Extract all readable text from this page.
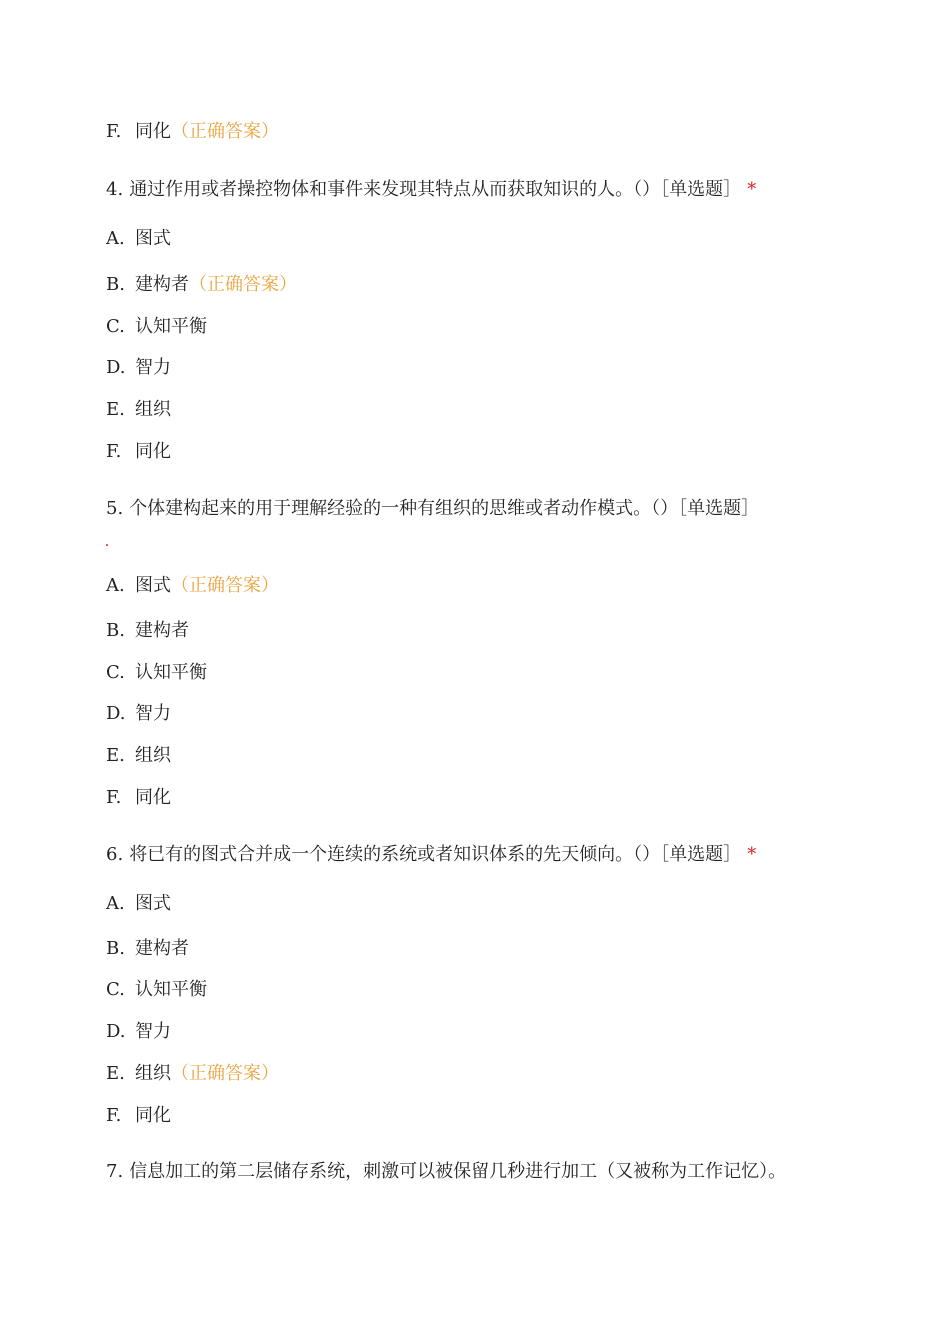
F. 同化（正确答案）
4. 通过作用或者操控物体和事件来发现其特点从而获取知识的人。（）［单选题］ *
A. 图式
B. 建构者（正确答案）
C. 认知平衡
D. 智力
E. 组织
F. 同化
5. 个体建构起来的用于理解经验的一种有组织的思维或者动作模式。（）［单选题］
A. 图式（正确答案）
B. 建构者
C. 认知平衡
D. 智力
E. 组织
F. 同化
6. 将已有的图式合并成一个连续的系统或者知识体系的先天倾向。（）［单选题］ *
A. 图式
B. 建构者
C. 认知平衡
D. 智力
E. 组织（正确答案）
F. 同化
7. 信息加工的第二层储存系统，刺激可以被保留几秒进行加工（又被称为工作记忆）。
